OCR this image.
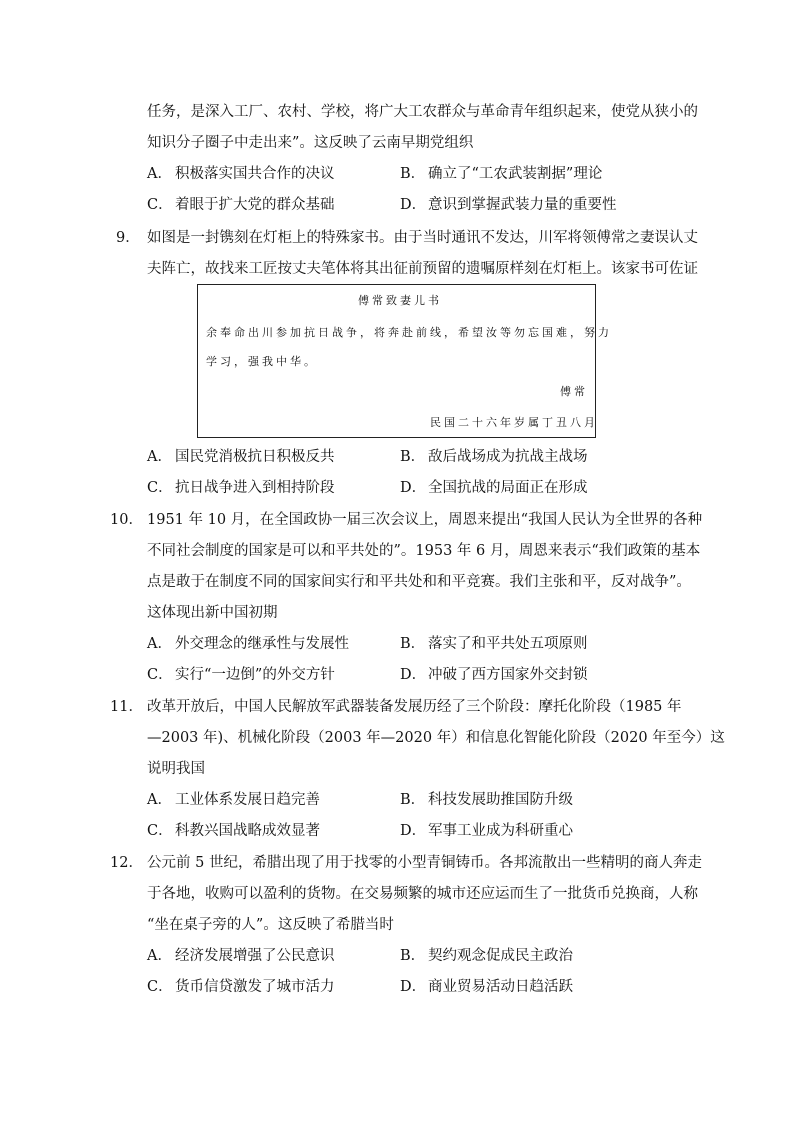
任务，是深入工厂、农村、学校，将广大工农群众与革命青年组织起来，使党从狭小的
知识分子圈子中走出来”。这反映了云南早期党组织
A． 积极落实国共合作的决议	B． 确立了“工农武装割据”理论
C． 着眼于扩大党的群众基础	D． 意识到掌握武装力量的重要性
9． 如图是一封镌刻在灯柜上的特殊家书。由于当时通讯不发达，川军将领傅常之妻误认丈
夫阵亡，故找来工匠按丈夫笔体将其出征前预留的遗嘱原样刻在灯柜上。该家书可佐证
傅常致妻儿书
余奉命出川参加抗日战争，将奔赴前线，希望汝等勿忘国难，努力
学习，强我中华。
傅常
民国二十六年岁属丁丑八月
A． 国民党消极抗日积极反共	B． 敌后战场成为抗战主战场
C． 抗日战争进入到相持阶段	D． 全国抗战的局面正在形成
10． 1951 年 10 月，在全国政协一届三次会议上，周恩来提出“我国人民认为全世界的各种
不同社会制度的国家是可以和平共处的”。1953 年 6 月，周恩来表示“我们政策的基本
点是敢于在制度不同的国家间实行和平共处和和平竞赛。我们主张和平，反对战争”。
这体现出新中国初期
A． 外交理念的继承性与发展性	B． 落实了和平共处五项原则
C． 实行“一边倒”的外交方针	D． 冲破了西方国家外交封锁
11． 改革开放后，中国人民解放军武器装备发展历经了三个阶段：摩托化阶段（1985 年
—2003 年)、机械化阶段（2003 年—2020 年）和信息化智能化阶段（2020 年至今）这
说明我国
A． 工业体系发展日趋完善	B． 科技发展助推国防升级
C． 科教兴国战略成效显著	D． 军事工业成为科研重心
12． 公元前 5 世纪，希腊出现了用于找零的小型青铜铸币。各邦流散出一些精明的商人奔走
于各地，收购可以盈利的货物。在交易频繁的城市还应运而生了一批货币兑换商，人称
“坐在桌子旁的人”。这反映了希腊当时
A． 经济发展增强了公民意识	B． 契约观念促成民主政治
C． 货币信贷激发了城市活力	D． 商业贸易活动日趋活跃
